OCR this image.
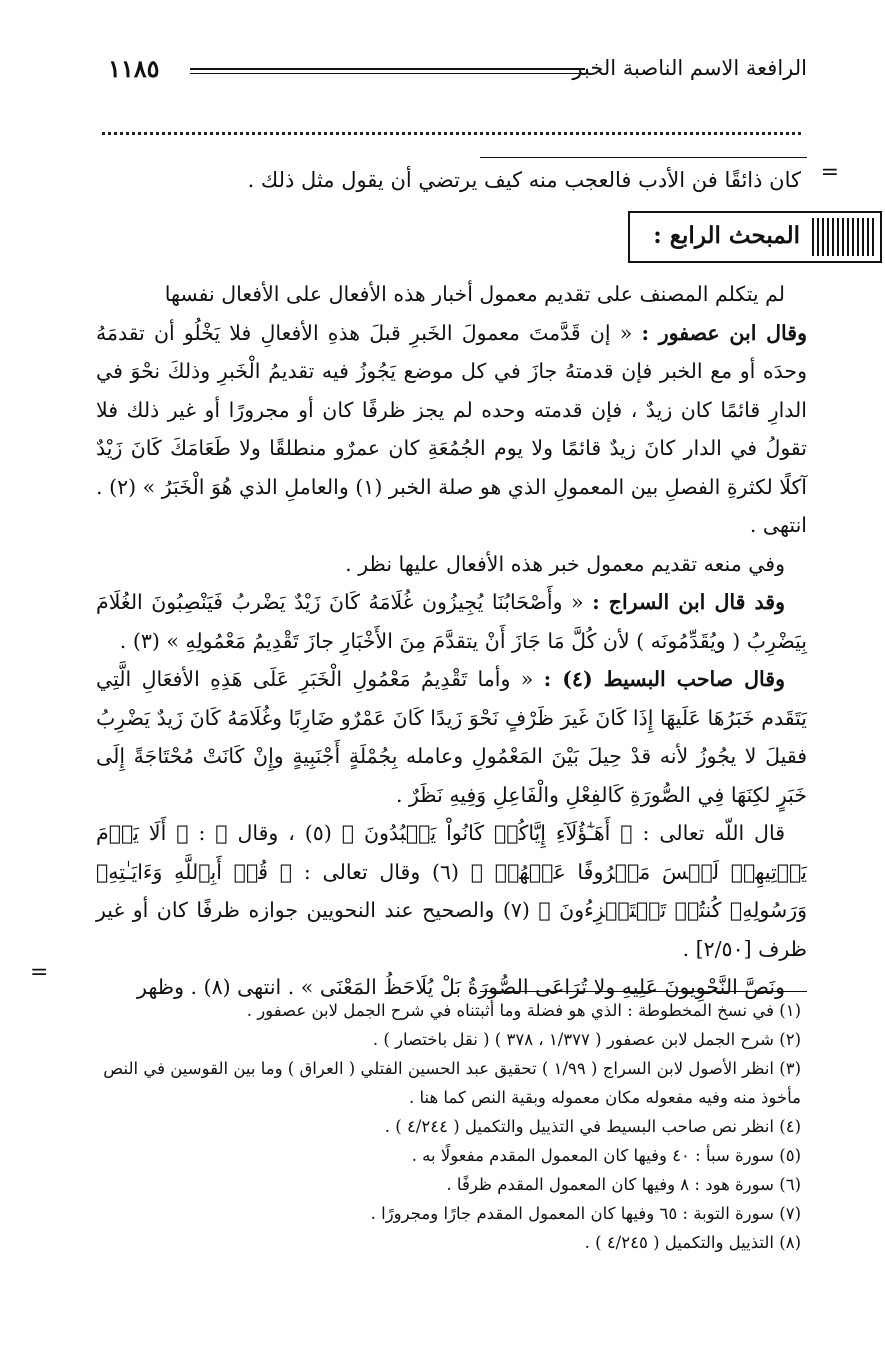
الرافعة الاسم الناصبة الخبر
١١٨٥
=
كان ذائقًا فن الأدب فالعجب منه كيف يرتضي أن يقول مثل ذلك .
المبحث الرابع :

لم يتكلم المصنف على تقديم معمول أخبار هذه الأفعال على الأفعال نفسها

وقال ابن عصفور : « إن قَدَّمتَ معمولَ الخَبرِ قبلَ هذهِ الأفعالِ فلا يَخْلُو أن تقدمَهُ وحدَه أو مع الخبر فإن قدمتهُ جازَ في كل موضع يَجُوزُ فيه تقديمُ الْخَبرِ وذلكَ نحْوَ في الدارِ قائمًا كان زيدٌ ، فإن قدمته وحده لم يجز ظرفًا كان أو مجرورًا أو غير ذلك فلا تقولُ في الدار كانَ زيدٌ قائمًا ولا يوم الجُمُعَةِ كان عمرٌو منطلقًا ولا طَعَامَكَ كَانَ زَيْدٌ آكلًا لكثرةِ الفصلِ بين المعمولِ الذي هو صلة الخبر (١) والعاملِ الذي هُوَ الْخَبَرُ » (٢) . انتهى .

وفي منعه تقديم معمول خبر هذه الأفعال عليها نظر .

وقد قال ابن السراج : « وأَصْحَابُنَا يُجِيزُون غُلَامَهُ كَانَ زَيْدٌ يَضْربُ فَيَنْصِبُونَ الغُلَامَ بِيَضْرِبُ ( ويُقَدِّمُونَه ) لأن كُلَّ مَا جَازَ أَنْ يتقدَّمَ مِنَ الأَخْبَارِ جازَ تَقْدِيمُ مَعْمُولِهِ » (٣) .

وقال صاحب البسيط (٤) : « وأما تَقْدِيمُ مَعْمُولِ الْخَبَرِ عَلَى هَذِهِ الأفعَالِ الَّتِي يَتَقَدم خَبَرُهَا عَلَيهَا إِذَا كَانَ غَيرَ ظَرْفٍ نَحْوَ زَيدًا كَانَ عَمْرٌو ضَارِبًا وغُلَامَهُ كَانَ زَيدٌ يَضْرِبُ فقيلَ لا يجُوزُ لأنه قدْ حِيلَ بَيْنَ المَعْمُولِ وعامله بِجُمْلَةٍ أَجْنَبِيةٍ وإِنْ كَانَتْ مُحْتَاجَةً إِلَى خَبَرٍ لكِنَهَا فِي الصُّورَةِ كَالفِعْلِ والْفَاعِلِ وَفِيهِ نَظَرٌ .

قال اللّه تعالى : ﴿ أَهَـٰٓؤُلَآءِ إِيَّاكُمۡ كَانُواْ يَعۡبُدُونَ ﴾ (٥) ، وقال ﷻ : ﴿ أَلَا يَوۡمَ يَأۡتِيهِمۡ لَيۡسَ مَصۡرُوفًا عَنۡهُمۡ ﴾ (٦) وقال تعالى : ﴿ قُلۡ أَبِٱللَّهِ وَءَايَـٰتِهِۦ وَرَسُولِهِۦ كُنتُمۡ تَسۡتَهۡزِءُونَ ﴾ (٧) والصحيح عند النحويين جوازه ظرفًا كان أو غير ظرف [٢/٥٠] .

ونَصَّ النَّحْوِيونَ عَلِيهِ ولا تُرَاعَى الصُّورَةُ بَلْ يُلَاحَظُ المَعْنَى » . انتهى (٨) . وظهر

=
(١) في نسخ المخطوطة : الذي هو فضلة وما أثبتناه في شرح الجمل لابن عصفور .
(٢) شرح الجمل لابن عصفور ( ١/٣٧٧ ، ٣٧٨ ) ( نقل باختصار ) .
(٣) انظر الأصول لابن السراج ( ١/٩٩ ) تحقيق عبد الحسين الفتلي ( العراق ) وما بين القوسين في النص
مأخوذ منه وفيه مفعوله مكان معموله وبقية النص كما هنا .
(٤) انظر نص صاحب البسيط في التذييل والتكميل ( ٤/٢٤٤ ) .
(٥) سورة سبأ : ٤٠ وفيها كان المعمول المقدم مفعولًا به .
(٦) سورة هود : ٨ وفيها كان المعمول المقدم ظرفًا .
(٧) سورة التوبة : ٦٥ وفيها كان المعمول المقدم جارًا ومجرورًا .
(٨) التذييل والتكميل ( ٤/٢٤٥ ) .
